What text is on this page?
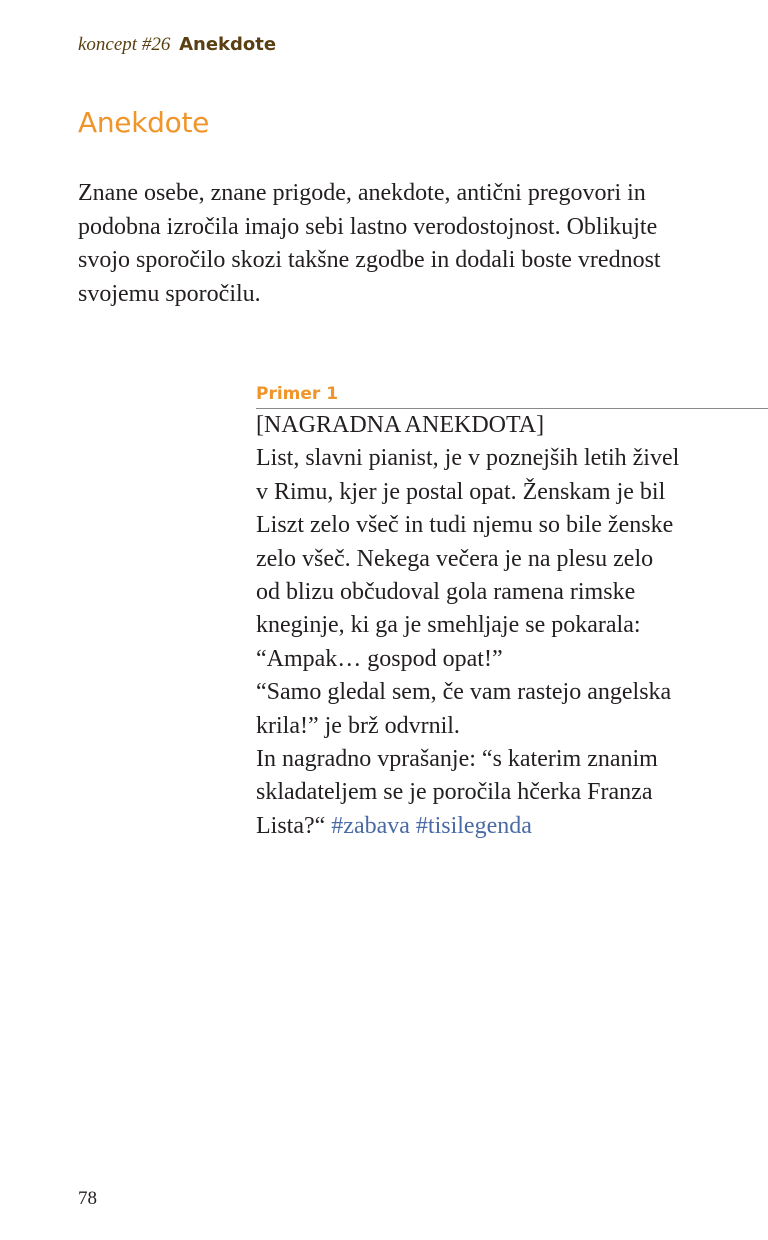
koncept #26 Anekdote
Anekdote

Znane osebe, znane prigode, anekdote, antični pregovori in
podobna izročila imajo sebi lastno verodostojnost. Oblikujte
svojo sporočilo skozi takšne zgodbe in dodali boste vrednost
svojemu sporočilu.

Primer 1

[NAGRADNA ANEKDOTA]
List, slavni pianist, je v poznejših letih živel
v Rimu, kjer je postal opat. Ženskam je bil
Liszt zelo všeč in tudi njemu so bile ženske
zelo všeč. Nekega večera je na plesu zelo
od blizu občudoval gola ramena rimske
kneginje, ki ga je smehljaje se pokarala:
“Ampak… gospod opat!”
“Samo gledal sem, če vam rastejo angelska
krila!” je brž odvrnil.
In nagradno vprašanje: “s katerim znanim
skladateljem se je poročila hčerka Franza
Lista?“ #zabava #tisilegenda

78
